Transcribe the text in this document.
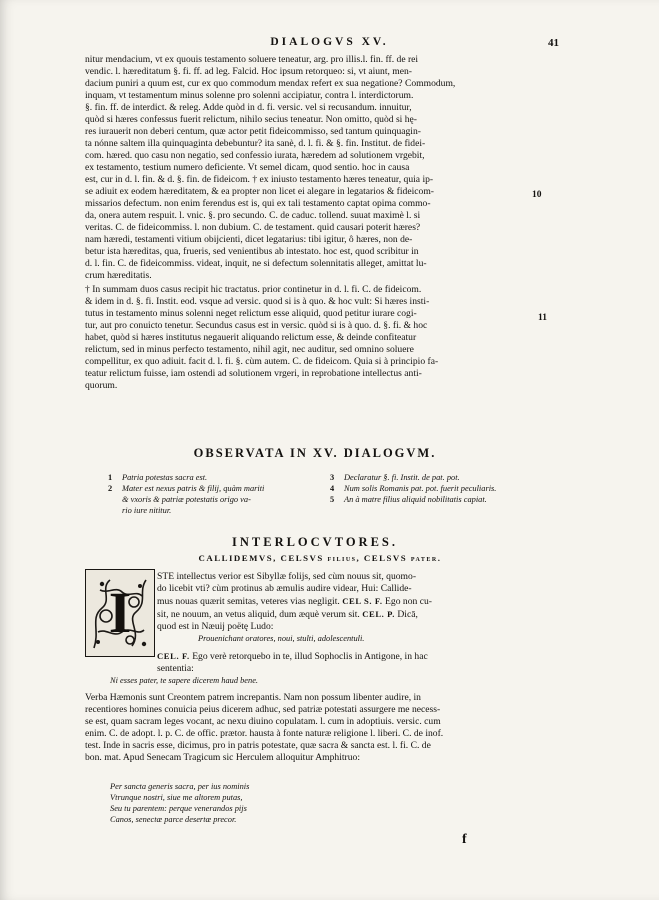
DIALOGVS XV.	41
nitur mendacium, vt ex quouis testamento soluere teneatur, arg. pro illis.l. fin. ff. de rei
vendic. l. hæreditatum §. fi. ff. ad leg. Falcid. Hoc ipsum retorqueo: si, vt aiunt, men-
dacium puniri a quum est, cur ex quo commodum mendax refert ex sua negatione? Commodum,
inquam, vt testamentum minus solenne pro solenni accipiatur, contra l. interdictorum.
§. fin. ff. de interdict. & releg. Adde quòd in d. fi. versic. vel si recusandum. innuitur,
quòd si hæres confessus fuerit relictum, nihilo secius teneatur. Non omitto, quòd si hę-
res iurauerit non deberi centum, quæ actor petit fideicommisso, sed tantum quinquagin-
ta nónne saltem illa quinquaginta debebuntur? ita sanè, d. l. fi. & §. fin. Institut. de fidei-
com. hæred. quo casu non negatio, sed confessio iurata, hæredem ad solutionem vrgebit,
ex testamento, testium numero deficiente. Vt semel dicam, quod sentio. hoc in causa
est, cur in d. l. fin. & d. §. fin. de fideicom. † ex iniusto testamento hæres teneatur, quia ip-
se adiuit ex eodem hæreditatem, & ea propter non licet ei alegare in legatarios & fideicom-
missarios defectum. non enim ferendus est is, qui ex tali testamento captat opima commo-
da, onera autem respuit. l. vnic. §. pro secundo. C. de caduc. tollend. suuat maximè l. si
veritas. C. de fideicommiss. l. non dubium. C. de testament. quid causari poterit hæres?
nam hæredi, testamenti vitium obijcienti, dicet legatarius: tibi igitur, ô hæres, non de-
betur ista hæreditas, qua, frueris, sed venientibus ab intestato. hoc est, quod scribitur in
d. l. fin. C. de fideicommiss. videat, inquit, ne si defectum solennitatis alleget, amittat lu-
crum hæreditatis.
† In summam duos casus recipit hic tractatus. prior continetur in d. l. fi. C. de fideicom.
& idem in d. §. fi. Instit. eod. vsque ad versic. quod si is à quo. & hoc vult: Si hæres insti-
tutus in testamento minus solenni neget relictum esse aliquid, quod petitur iurare cogi-
tur, aut pro conuicto tenetur. Secundus casus est in versic. quòd si is à quo. d. §. fi. & hoc
habet, quòd si hæres institutus negauerit aliquando relictum esse, & deinde confiteatur
relictum, sed in minus perfecto testamento, nihil agit, nec auditur, sed omnino soluere
compellitur, ex quo adiuit. facit d. l. fi. §. cùm autem. C. de fideicom. Quia si à principio fa-
teatur relictum fuisse, iam ostendi ad solutionem vrgeri, in reprobatione intellectus anti-
quorum.
10
11
OBSERVATA IN XV. DIALOGVM.
1 Patria potestas sacra est.
2 Mater est nexus patris & filij, quàm mariti
& vxoris & patriæ potestatis origo va-
rio iure nititur.
3 Declaratur §. fi. Instit. de pat. pot.
4 Num solis Romanis pat. pot. fuerit peculiaris.
5 An à matre filius aliquid nobilitatis capiat.
INTERLOCVTORES.
CALLIDEMVS, CELSVS filius, CELSVS pater.
I
STE intellectus verior est Sibyllæ folijs, sed cùm nouus sit, quomo-
do licebit vti? cùm protinus ab æmulis audire videar, Hui: Callide-
mus nouas quærit semitas, veteres vias negligit. CEL S. F. Ego non cu-
sit, ne nouum, an vetus aliquid, dum æquè verum sit. CEL. P. Dicā,
quod est in Næuij poëtę Ludo:
Prouenichant oratores, noui, stulti, adolescentuli.
CEL. F. Ego verè retorquebo in te, illud Sophoclis in Antigone, in hac
sententia:
Ni esses pater, te sapere dicerem haud bene.
Verba Hæmonis sunt Creontem patrem increpantis. Nam non possum libenter audire, in
recentiores homines conuicia peius dicerem adhuc, sed patriæ potestati assurgere me necess-
se est, quam sacram leges vocant, ac nexu diuino copulatam. l. cum in adoptiuis. versic. cum
enim. C. de adopt. l. p. C. de offic. prætor. hausta à fonte naturæ religione l. liberi. C. de inof.
test. Inde in sacris esse, dicimus, pro in patris potestate, quæ sacra & sancta est. l. fi. C. de
bon. mat. Apud Senecam Tragicum sic Herculem alloquitur Amphitruo:
Per sancta generis sacra, per ius nominis
Vtrunque nostri, siue me altorem putas,
Seu tu parentem: perque venerandos pijs
Canos, senectæ parce desertæ precor.
f
